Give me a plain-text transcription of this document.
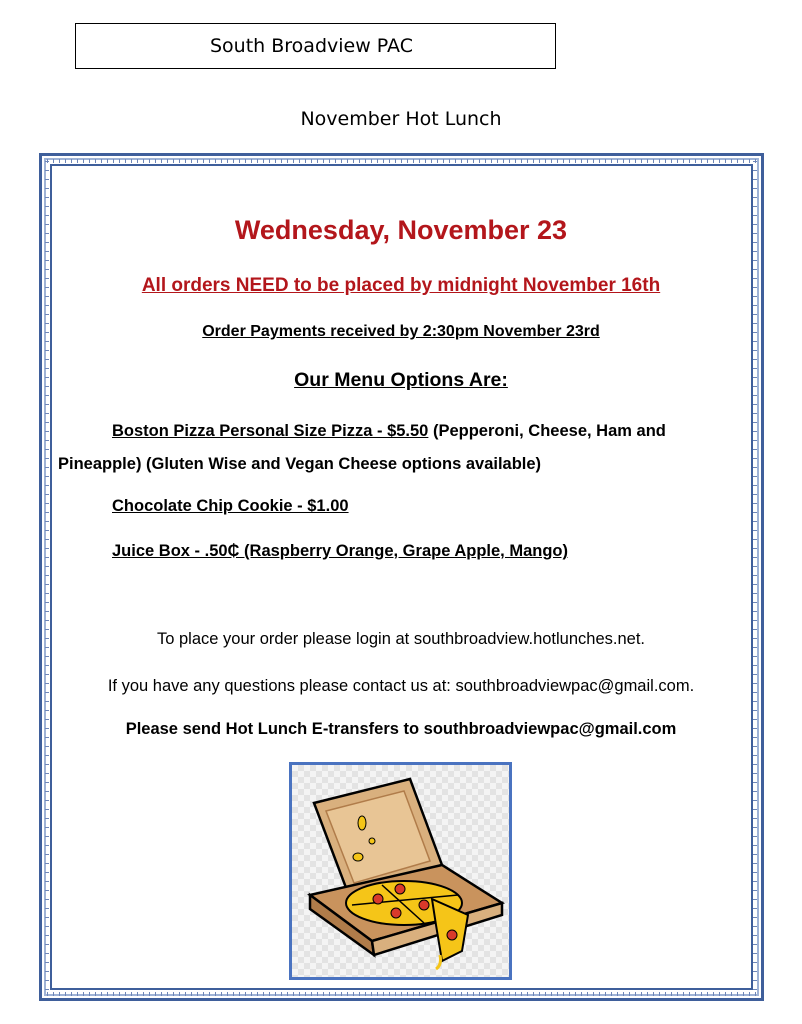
South Broadview PAC
November Hot Lunch
Wednesday, November 23
All orders NEED to be placed by midnight November 16th
Order Payments received by 2:30pm November 23rd
Our Menu Options Are:
Boston Pizza Personal Size Pizza - $5.50 (Pepperoni, Cheese, Ham and
Pineapple) (Gluten Wise and Vegan Cheese options available)
Chocolate Chip Cookie - $1.00
Juice Box - .50₵ (Raspberry Orange, Grape Apple, Mango)
To place your order please login at southbroadview.hotlunches.net.
If you have any questions please contact us at: southbroadviewpac@gmail.com.
Please send Hot Lunch E-transfers to southbroadviewpac@gmail.com
